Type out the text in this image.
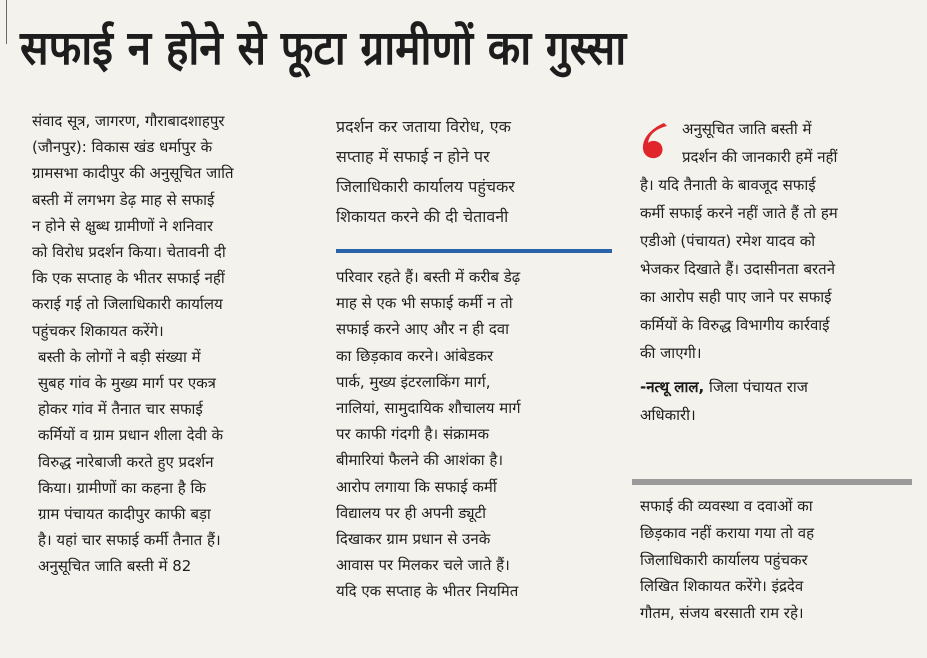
सफाई न होने से फूटा ग्रामीणों का गुस्सा

संवाद सूत्र, जागरण, गौराबादशाहपुर
(जौनपुर): विकास खंड धर्मापुर के
ग्रामसभा कादीपुर की अनुसूचित जाति
बस्ती में लगभग डेढ़ माह से सफाई
न होने से क्षुब्ध ग्रामीणों ने शनिवार
को विरोध प्रदर्शन किया। चेतावनी दी
कि एक सप्ताह के भीतर सफाई नहीं
कराई गई तो जिलाधिकारी कार्यालय
पहुंचकर शिकायत करेंगे।

बस्ती के लोगों ने बड़ी संख्या में
सुबह गांव के मुख्य मार्ग पर एकत्र
होकर गांव में तैनात चार सफाई
कर्मियों व ग्राम प्रधान शीला देवी के
विरुद्ध नारेबाजी करते हुए प्रदर्शन
किया। ग्रामीणों का कहना है कि
ग्राम पंचायत कादीपुर काफी बड़ा
है। यहां चार सफाई कर्मी तैनात हैं।
अनुसूचित जाति बस्ती में 82

प्रदर्शन कर जताया विरोध, एक
सप्ताह में सफाई न होने पर
जिलाधिकारी कार्यालय पहुंचकर
शिकायत करने की दी चेतावनी
परिवार रहते हैं। बस्ती में करीब डेढ़
माह से एक भी सफाई कर्मी न तो
सफाई करने आए और न ही दवा
का छिड़काव करने। आंबेडकर
पार्क, मुख्य इंटरलाकिंग मार्ग,
नालियां, सामुदायिक शौचालय मार्ग
पर काफी गंदगी है। संक्रामक
बीमारियां फैलने की आशंका है।
आरोप लगाया कि सफाई कर्मी
विद्यालय पर ही अपनी ड्यूटी
दिखाकर ग्राम प्रधान से उनके
आवास पर मिलकर चले जाते हैं।
यदि एक सप्ताह के भीतर नियमित
अनुसूचित जाति बस्ती में
प्रदर्शन की जानकारी हमें नहीं
है। यदि तैनाती के बावजूद सफाई
कर्मी सफाई करने नहीं जाते हैं तो हम
एडीओ (पंचायत) रमेश यादव को
भेजकर दिखाते हैं। उदासीनता बरतने
का आरोप सही पाए जाने पर सफाई
कर्मियों के विरुद्ध विभागीय कार्रवाई
की जाएगी।
-नत्थू लाल, जिला पंचायत राज
अधिकारी।
सफाई की व्यवस्था व दवाओं का
छिड़काव नहीं कराया गया तो वह
जिलाधिकारी कार्यालय पहुंचकर
लिखित शिकायत करेंगे। इंद्रदेव
गौतम, संजय बरसाती राम रहे।
